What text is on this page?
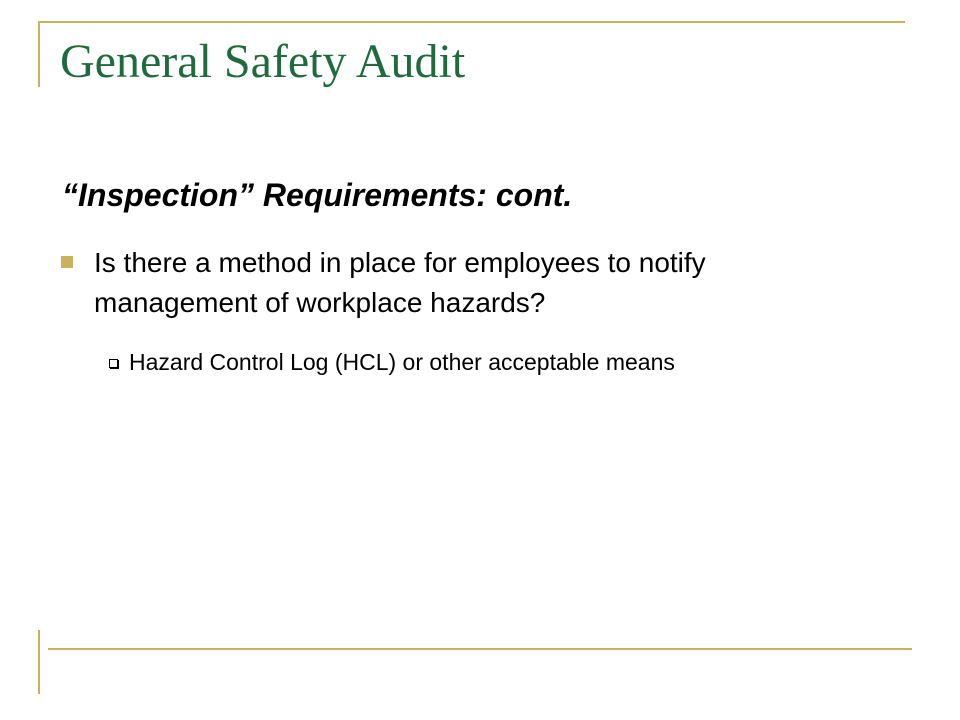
General Safety Audit

“Inspection” Requirements: cont.

Is there a method in place for employees to notify management of workplace hazards?
Hazard Control Log (HCL) or other acceptable means
